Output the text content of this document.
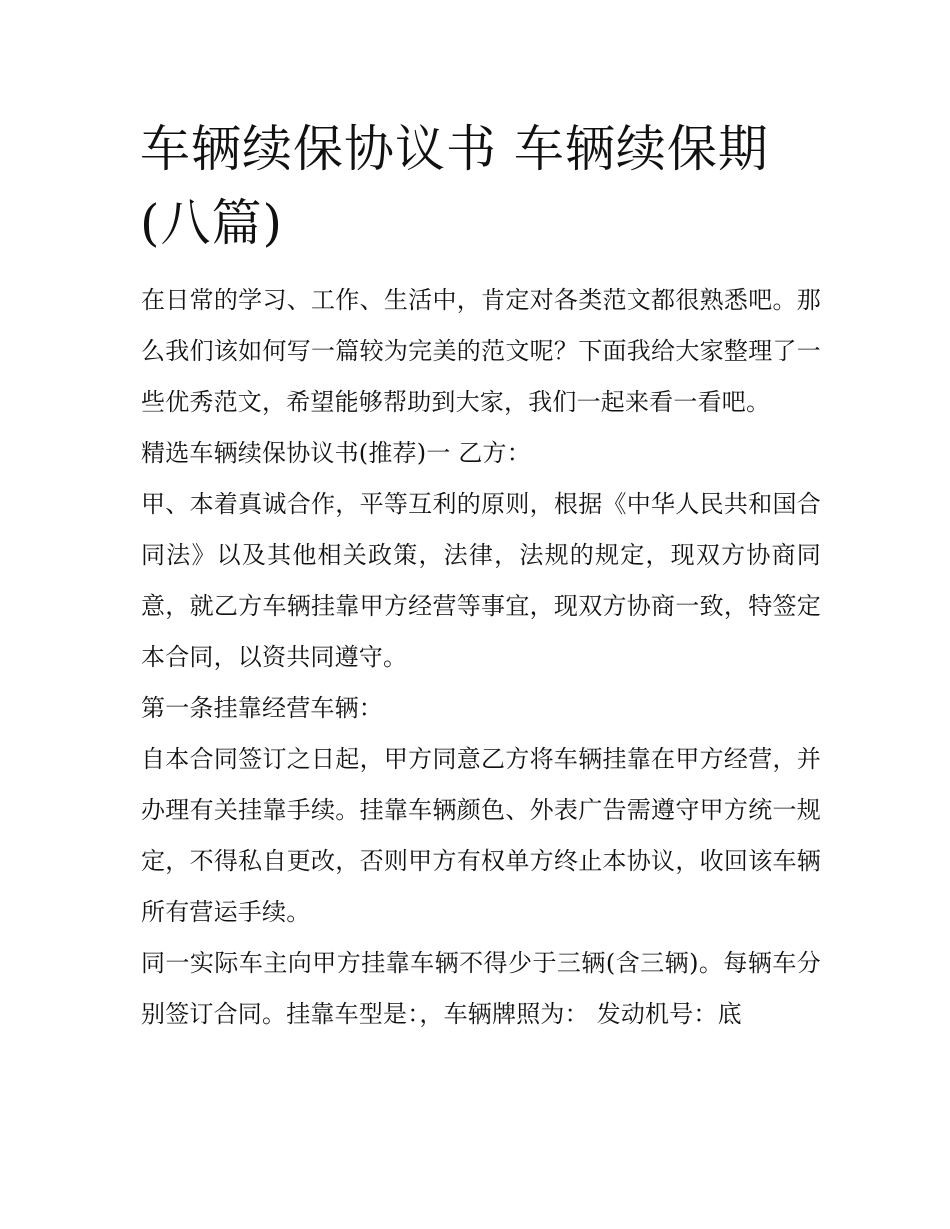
车辆续保协议书 车辆续保期(八篇)

在日常的学习、工作、生活中，肯定对各类范文都很熟悉吧。那么我们该如何写一篇较为完美的范文呢？下面我给大家整理了一些优秀范文，希望能够帮助到大家，我们一起来看一看吧。

精选车辆续保协议书(推荐)一 乙方：

甲、本着真诚合作，平等互利的原则，根据《中华人民共和国合同法》以及其他相关政策，法律，法规的规定，现双方协商同意，就乙方车辆挂靠甲方经营等事宜，现双方协商一致，特签定本合同，以资共同遵守。

第一条挂靠经营车辆：

自本合同签订之日起，甲方同意乙方将车辆挂靠在甲方经营，并办理有关挂靠手续。挂靠车辆颜色、外表广告需遵守甲方统一规定，不得私自更改，否则甲方有权单方终止本协议，收回该车辆所有营运手续。

同一实际车主向甲方挂靠车辆不得少于三辆(含三辆)。每辆车分别签订合同。挂靠车型是：，车辆牌照为： 发动机号：底
